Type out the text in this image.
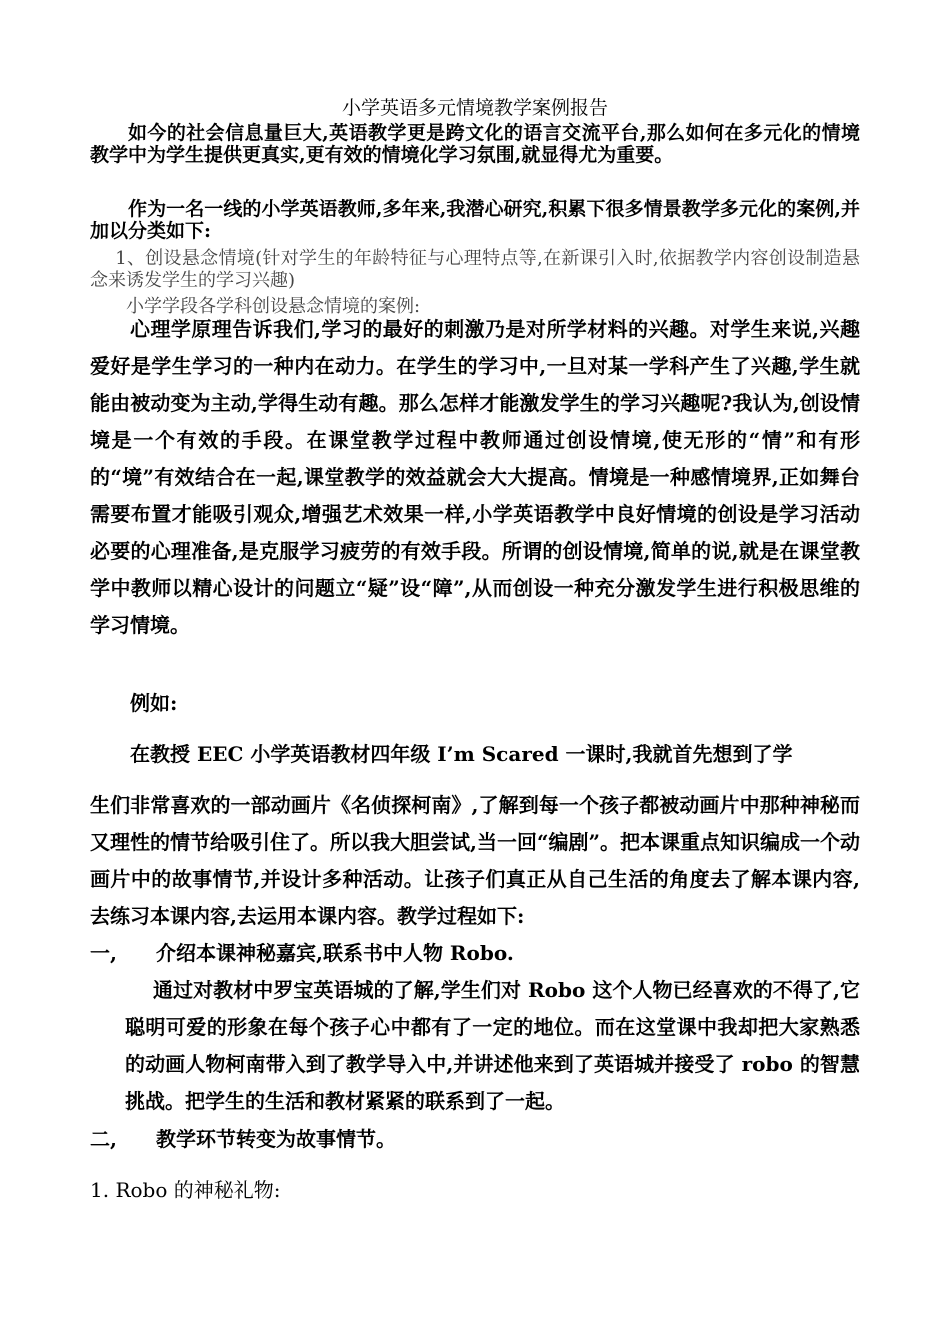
小学英语多元情境教学案例报告

如今的社会信息量巨大,英语教学更是跨文化的语言交流平台,那么如何在多元化的情境教学中为学生提供更真实,更有效的情境化学习氛围,就显得尤为重要。

作为一名一线的小学英语教师,多年来,我潜心研究,积累下很多情景教学多元化的案例,并加以分类如下:

1、创设悬念情境(针对学生的年龄特征与心理特点等,在新课引入时,依据教学内容创设制造悬念来诱发学生的学习兴趣)

小学学段各学科创设悬念情境的案例:

心理学原理告诉我们,学习的最好的刺激乃是对所学材料的兴趣。对学生来说,兴趣爱好是学生学习的一种内在动力。在学生的学习中,一旦对某一学科产生了兴趣,学生就能由被动变为主动,学得生动有趣。那么怎样才能激发学生的学习兴趣呢?我认为,创设情境是一个有效的手段。在课堂教学过程中教师通过创设情境,使无形的“情”和有形的“境”有效结合在一起,课堂教学的效益就会大大提高。情境是一种感情境界,正如舞台需要布置才能吸引观众,增强艺术效果一样,小学英语教学中良好情境的创设是学习活动必要的心理准备,是克服学习疲劳的有效手段。所谓的创设情境,简单的说,就是在课堂教学中教师以精心设计的问题立“疑”设“障”,从而创设一种充分激发学生进行积极思维的学习情境。

例如:

在教授 EEC 小学英语教材四年级 I’m Scared 一课时,我就首先想到了学

生们非常喜欢的一部动画片《名侦探柯南》,了解到每一个孩子都被动画片中那种神秘而又理性的情节给吸引住了。所以我大胆尝试,当一回“编剧”。把本课重点知识编成一个动画片中的故事情节,并设计多种活动。让孩子们真正从自己生活的角度去了解本课内容,去练习本课内容,去运用本课内容。教学过程如下:

一, 介绍本课神秘嘉宾,联系书中人物 Robo.

通过对教材中罗宝英语城的了解,学生们对 Robo 这个人物已经喜欢的不得了,它聪明可爱的形象在每个孩子心中都有了一定的地位。而在这堂课中我却把大家熟悉的动画人物柯南带入到了教学导入中,并讲述他来到了英语城并接受了 robo 的智慧挑战。把学生的生活和教材紧紧的联系到了一起。

二, 教学环节转变为故事情节。
1. Robo 的神秘礼物:
